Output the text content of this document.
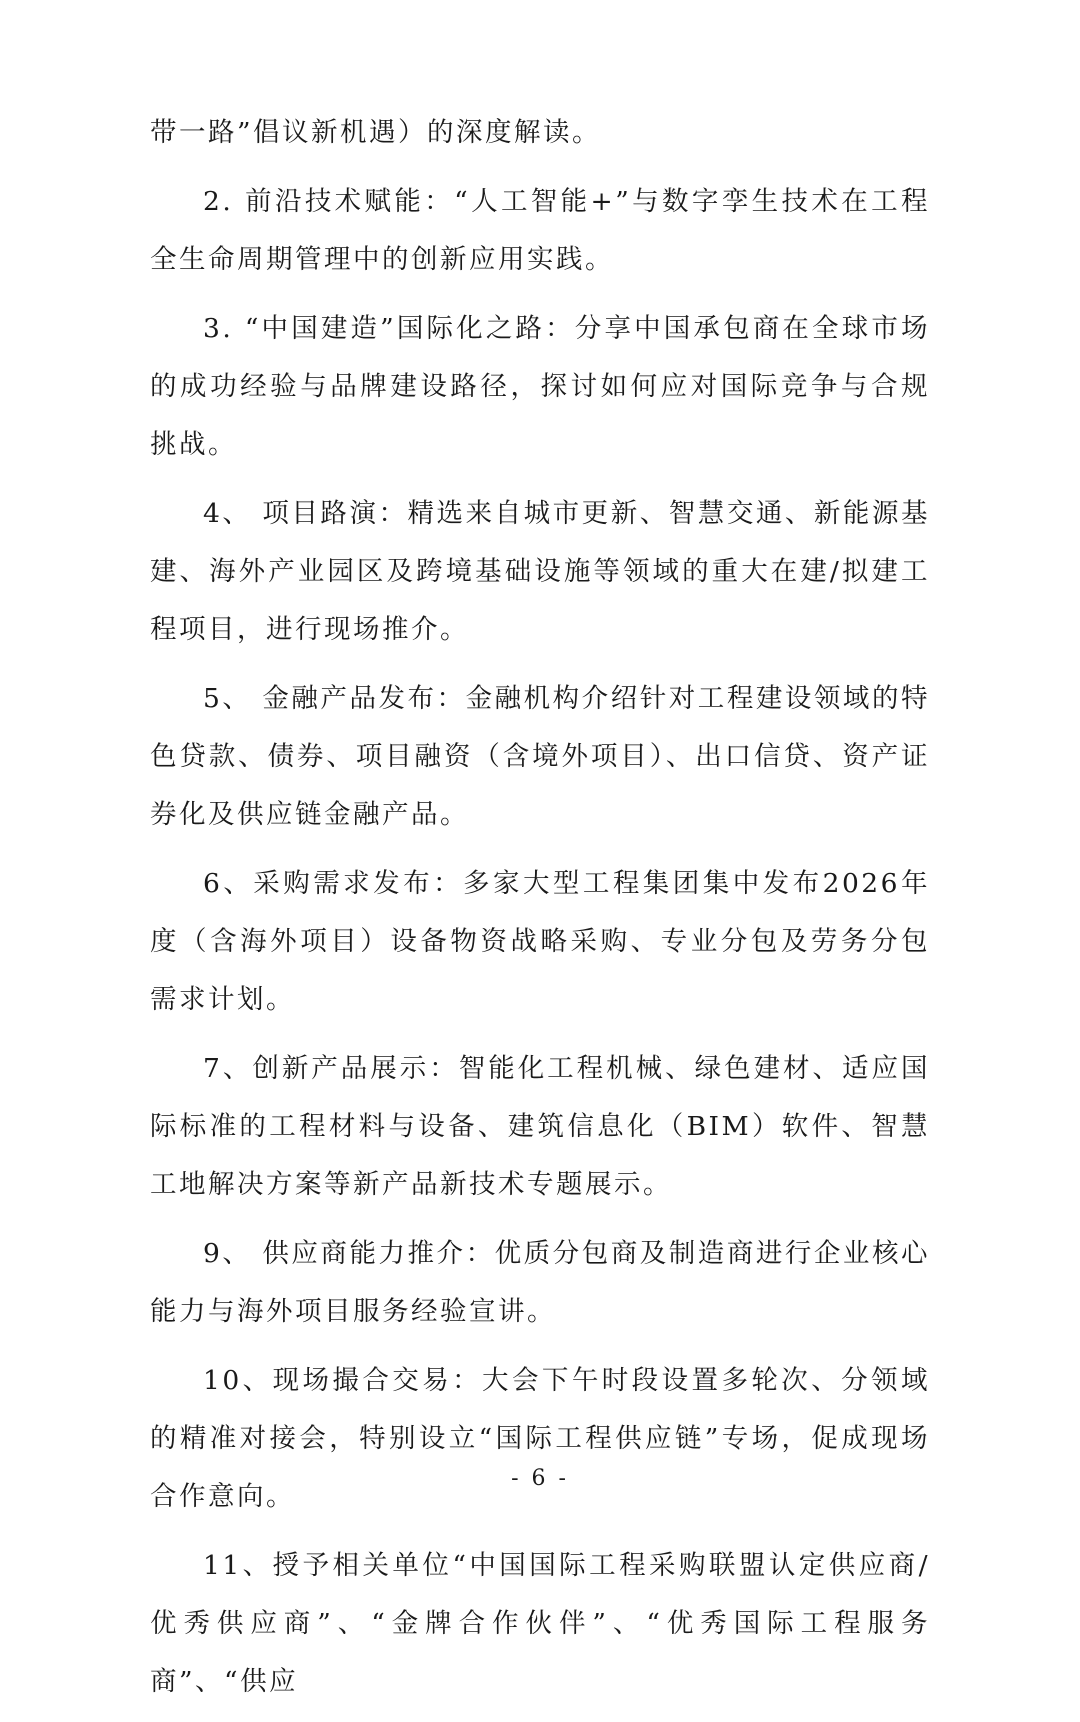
带一路”倡议新机遇）的深度解读。

2. 前沿技术赋能：“人工智能+”与数字孪生技术在工程全生命周期管理中的创新应用实践。

3. “中国建造”国际化之路：分享中国承包商在全球市场的成功经验与品牌建设路径，探讨如何应对国际竞争与合规挑战。

4、 项目路演：精选来自城市更新、智慧交通、新能源基建、海外产业园区及跨境基础设施等领域的重大在建/拟建工程项目，进行现场推介。

5、 金融产品发布：金融机构介绍针对工程建设领域的特色贷款、债券、项目融资（含境外项目）、出口信贷、资产证券化及供应链金融产品。

6、采购需求发布：多家大型工程集团集中发布2026年度（含海外项目）设备物资战略采购、专业分包及劳务分包需求计划。

7、创新产品展示：智能化工程机械、绿色建材、适应国际标准的工程材料与设备、建筑信息化（BIM）软件、智慧工地解决方案等新产品新技术专题展示。

9、 供应商能力推介：优质分包商及制造商进行企业核心能力与海外项目服务经验宣讲。

10、现场撮合交易：大会下午时段设置多轮次、分领域的精准对接会，特别设立“国际工程供应链”专场，促成现场合作意向。

11、授予相关单位“中国国际工程采购联盟认定供应商/优秀供应商”、“金牌合作伙伴”、“优秀国际工程服务商”、“供应

- 6 -
